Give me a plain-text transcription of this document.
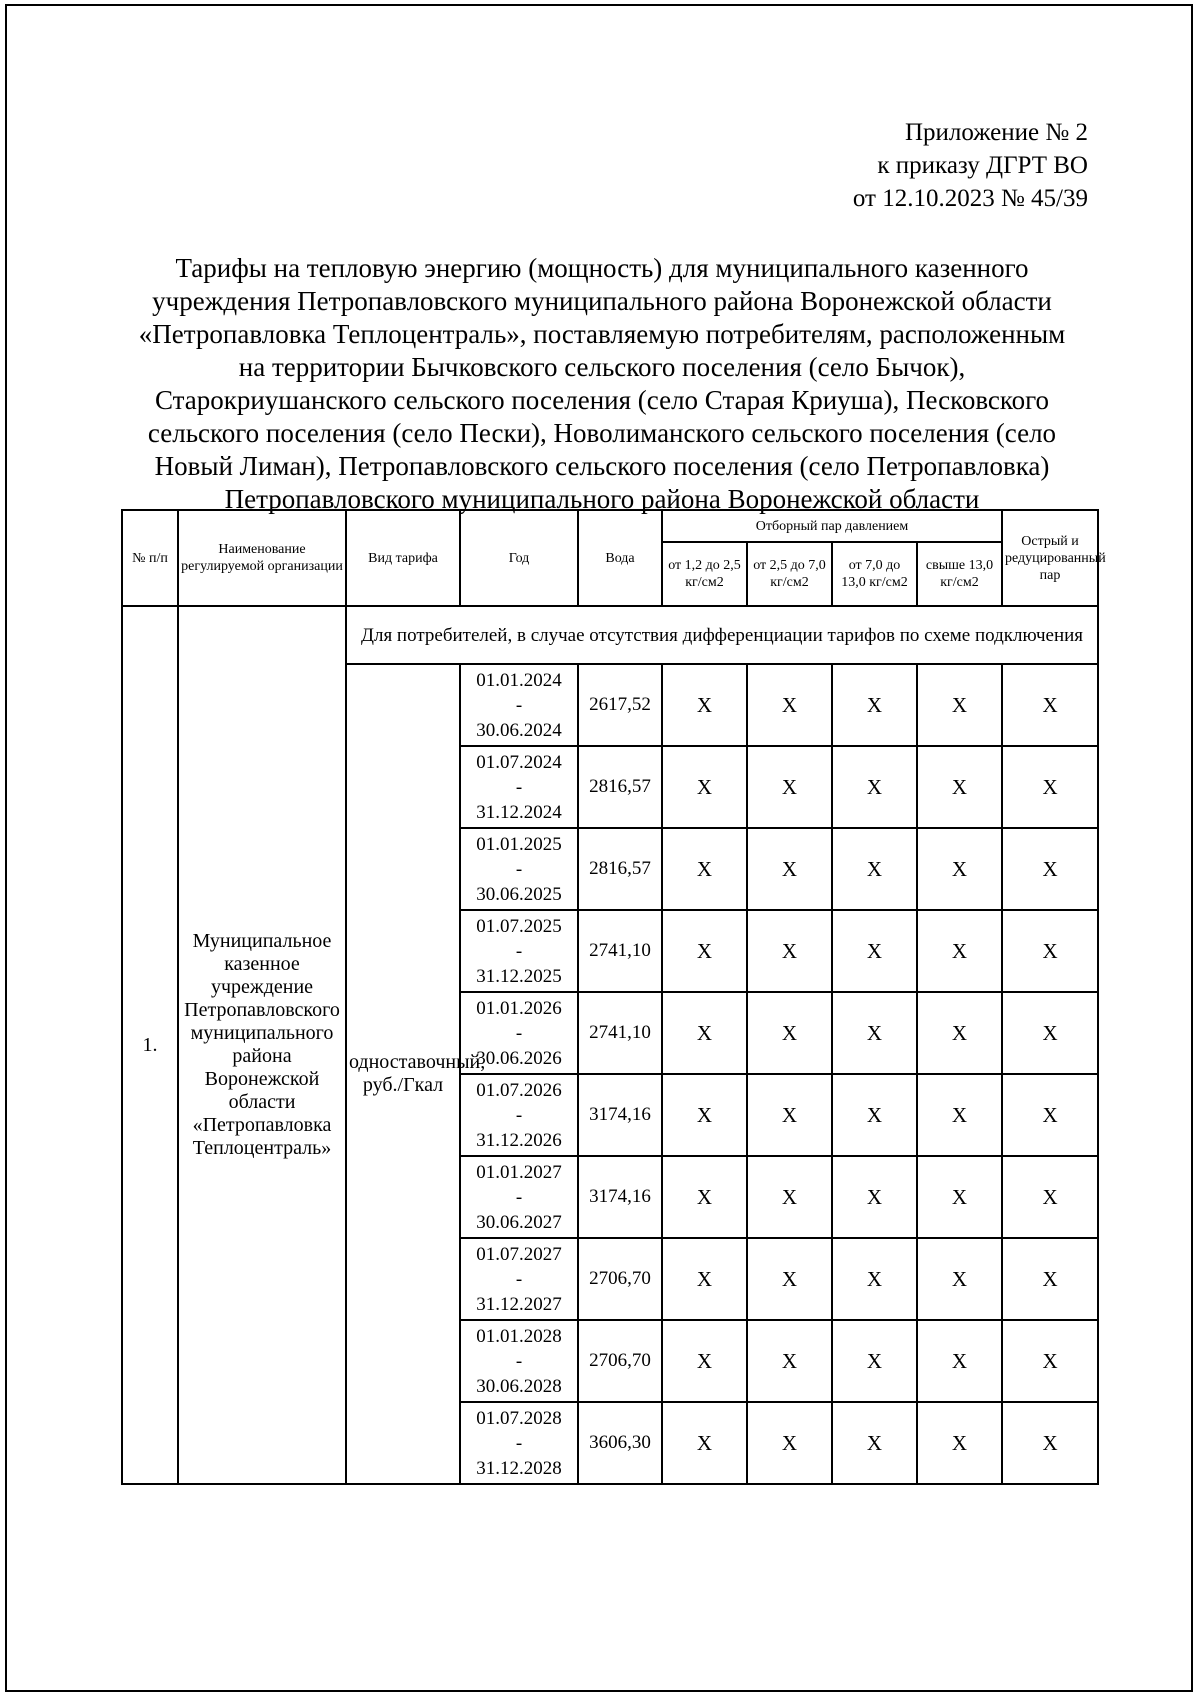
Приложение № 2
к приказу ДГРТ ВО
от 12.10.2023 № 45/39
Тарифы на тепловую энергию (мощность) для муниципального казенного
учреждения Петропавловского муниципального района Воронежской области
«Петропавловка Теплоцентраль», поставляемую потребителям, расположенным
на территории Бычковского сельского поселения (село Бычок),
Старокриушанского сельского поселения (село Старая Криуша), Песковского
сельского поселения (село Пески), Новолиманского сельского поселения (село
Новый Лиман), Петропавловского сельского поселения (село Петропавловка)
Петропавловского муниципального района Воронежской области
№ п/п	Наименование регулируемой организации	Вид тарифа	Год	Вода	Отборный пар давлением				Острый и редуцированный пар
					от 1,2 до 2,5 кг/см2	от 2,5 до 7,0 кг/см2	от 7,0 до 13,0 кг/см2	свыше 13,0 кг/см2	
1.	Муниципальное казенное учреждение Петропавловского муниципального района Воронежской области «Петропавловка Теплоцентраль»	Для потребителей, в случае отсутствия дифференциации тарифов по схеме подключения							
		одноставочный, руб./Гкал	01.01.2024
-
30.06.2024	2617,52	X	X	X	X	X

			01.07.2024
-
31.12.2024	2816,57	X	X	X	X	X

			01.01.2025
-
30.06.2025	2816,57	X	X	X	X	X

			01.07.2025
-
31.12.2025	2741,10	X	X	X	X	X

			01.01.2026
-
30.06.2026	2741,10	X	X	X	X	X

			01.07.2026
-
31.12.2026	3174,16	X	X	X	X	X

			01.01.2027
-
30.06.2027	3174,16	X	X	X	X	X

			01.07.2027
-
31.12.2027	2706,70	X	X	X	X	X

			01.01.2028
-
30.06.2028	2706,70	X	X	X	X	X

			01.07.2028
-
31.12.2028	3606,30	X	X	X	X	X
